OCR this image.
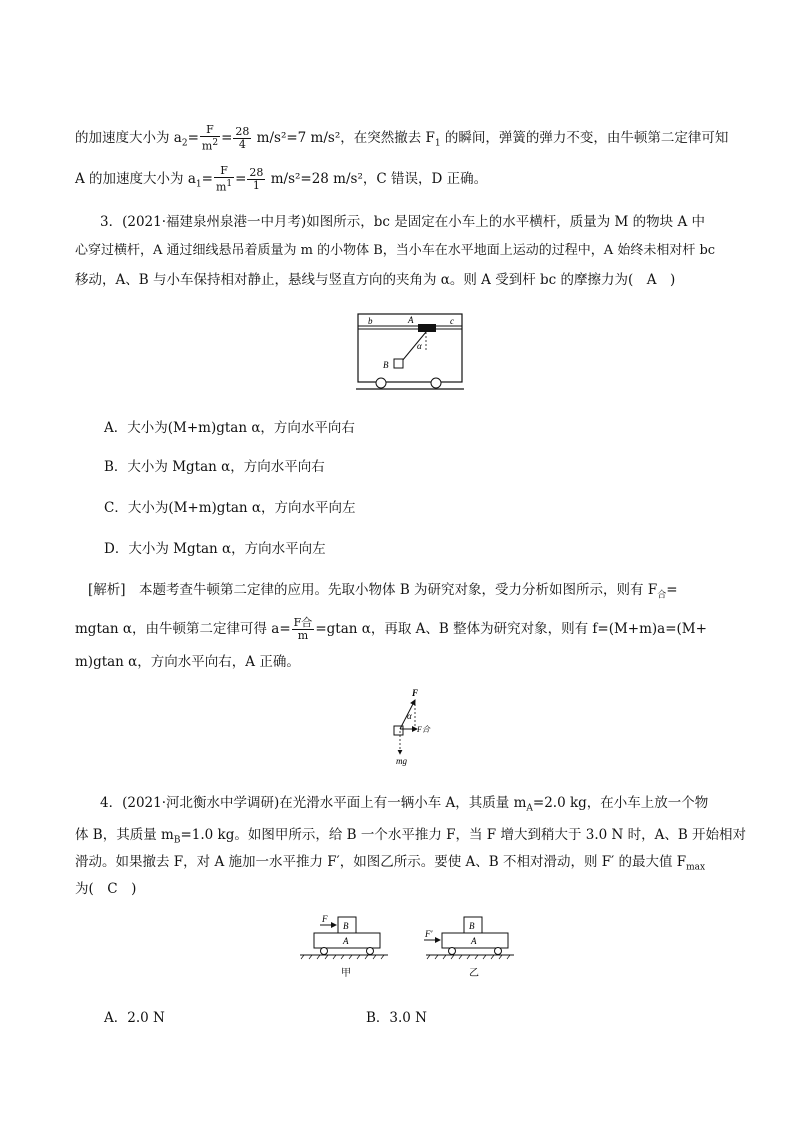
的加速度大小为 $a_2= \frac{F}{m^2} = \frac{28}{4} m/s^2=7$ m/s²，在突然撤去 $F_1$ 的瞬间，弹簧的弹力不变，由牛顿第二定律可知
A 的加速度大小为 $a_1= \frac{F}{m^1} = \frac{28}{1} m/s^2=28$ m/s²，C 错误，D 正确。
3．(2021·福建泉州泉港一中月考)如图所示，bc 是固定在小车上的水平横杆，质量为 M 的物块 A 中
心穿过横杆，A 通过细线悬吊着质量为 m 的小物体 B，当小车在水平地面上运动的过程中，A 始终未相对杆 bc
移动，A、B 与小车保持相对静止，悬线与竖直方向的夹角为 α。则 A 受到杆 bc 的摩擦力为(　A　)
b	A	c
α
B
A．大小为(M+m)gtan α，方向水平向右
B．大小为 Mgtan α，方向水平向右
C．大小为(M+m)gtan α，方向水平向左
D．大小为 Mgtan α，方向水平向左
[解析]　本题考查牛顿第二定律的应用。先取小物体 B 为研究对象，受力分析如图所示，则有 $F_合=$
mgtan α，由牛顿第二定律可得 $a= \frac{\text{F合}}{m} =gtan$ α，再取 A、B 整体为研究对象，则有 f=(M+m)a=(M+
m)gtan α，方向水平向右，A 正确。
F
α
F合
mg
4．(2021·河北衡水中学调研)在光滑水平面上有一辆小车 A，其质量 $m_A=2.0$ kg，在小车上放一个物
体 B，其质量 $m_B=1.0$ kg。如图甲所示，给 B 一个水平推力 F，当 F 增大到稍大于 3.0 N 时，A、B 开始相对
滑动。如果撤去 F，对 A 施加一水平推力 F′，如图乙所示。要使 A、B 不相对滑动，则 F′ 的最大值 $F_{max}$
为(　C　)
F
B
A
甲
F′
B
A
乙
A．2.0 N	B．3.0 N
